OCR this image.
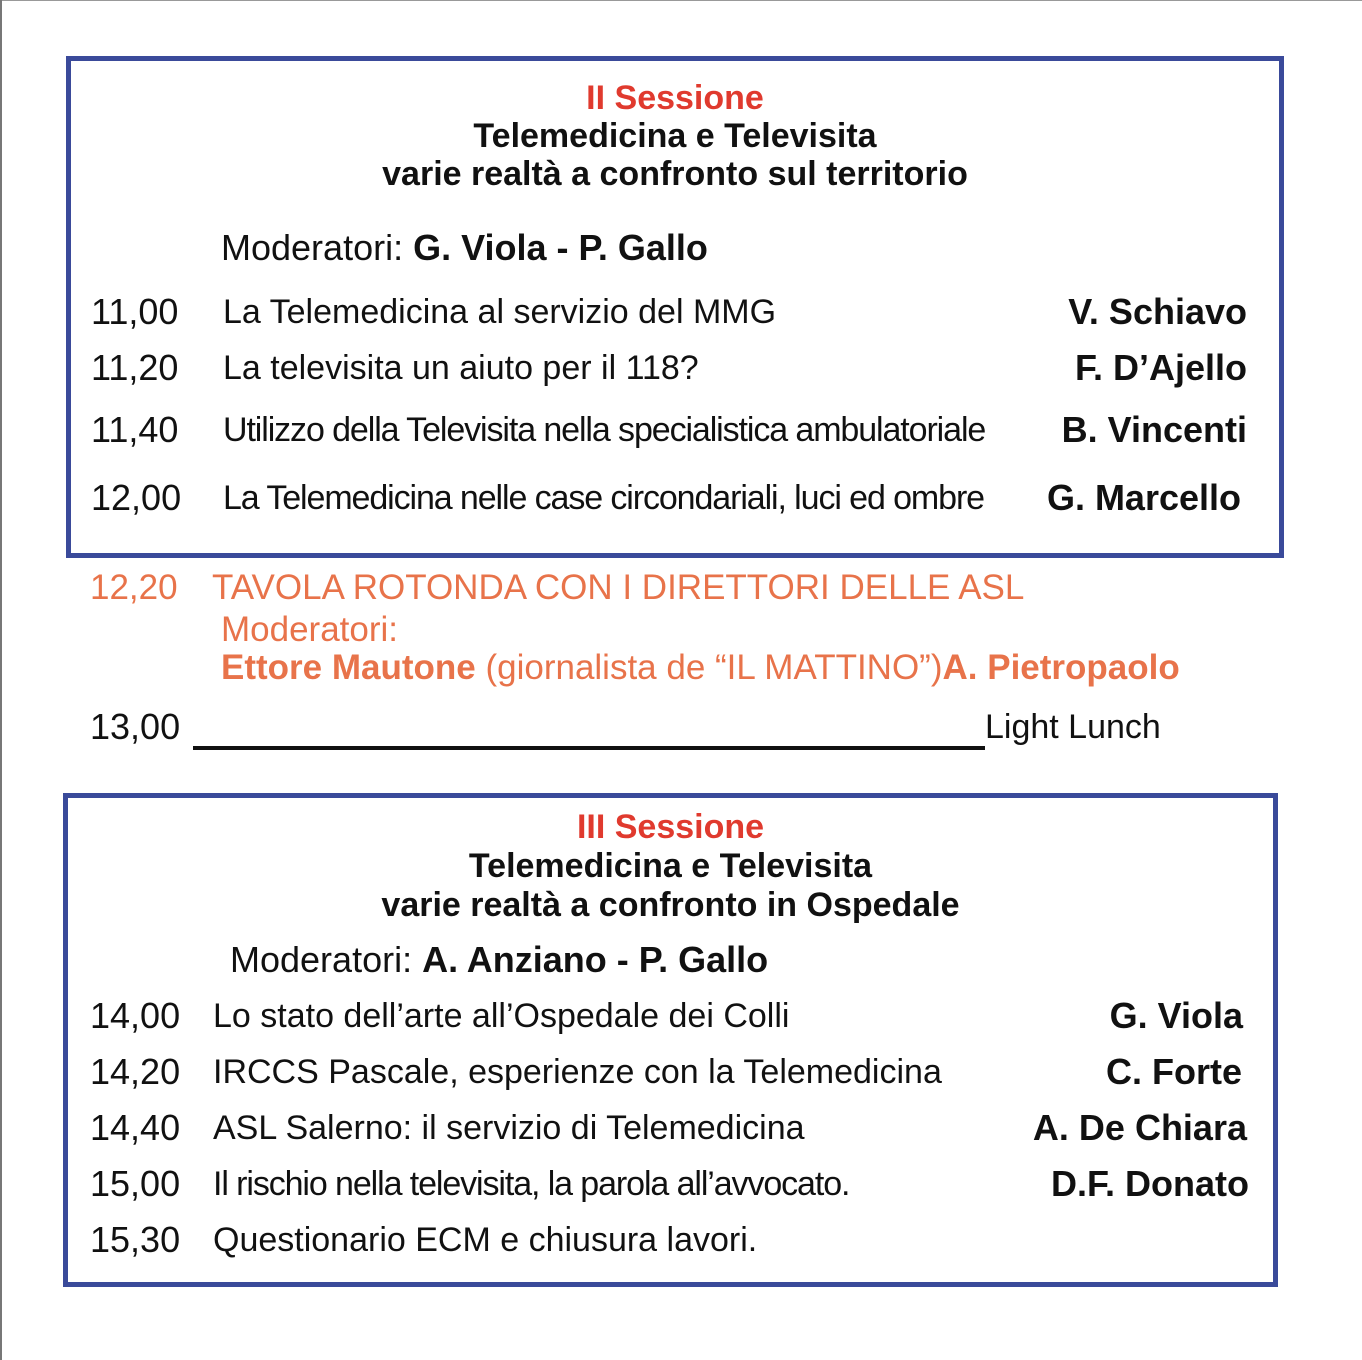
II Sessione
Telemedicina e Televisita
varie realtà a confronto sul territorio
Moderatori: G. Viola - P. Gallo
11,00 La Telemedicina al servizio del MMG	V. Schiavo
11,20 La televisita un aiuto per il 118?	F. D’Ajello
11,40 Utilizzo della Televisita nella specialistica ambulatoriale B. Vincenti
12,00 La Telemedicina nelle case circondariali, luci ed ombre G. Marcello
12,20 TAVOLA ROTONDA CON I DIRETTORI DELLE ASL
Moderatori:
Ettore Mautone (giornalista de “IL MATTINO”)A. Pietropaolo
13,00	Light Lunch
III Sessione
Telemedicina e Televisita
varie realtà a confronto in Ospedale
Moderatori: A. Anziano - P. Gallo
14,00 Lo stato dell’arte all’Ospedale dei Colli	G. Viola
14,20 IRCCS Pascale, esperienze con la Telemedicina	C. Forte
14,40 ASL Salerno: il servizio di Telemedicina	A. De Chiara
15,00 Il rischio nella televisita, la parola all’avvocato.	D.F. Donato
15,30 Questionario ECM e chiusura lavori.
